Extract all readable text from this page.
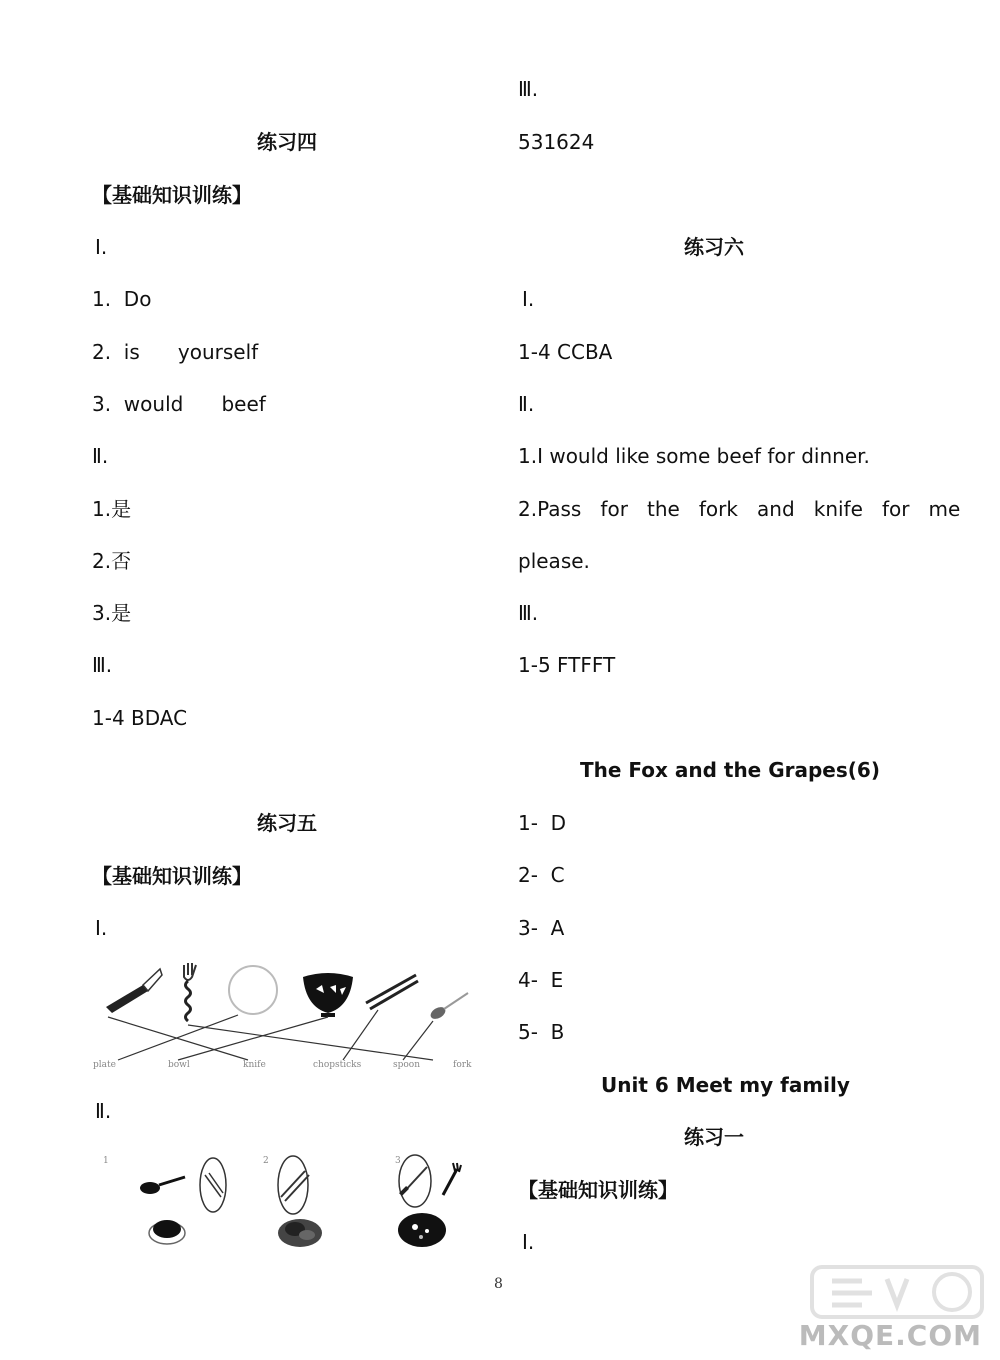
练习四
【基础知识训练】
Ⅰ.
1.  Do
2.  is      yourself
3.  would      beef
Ⅱ.
1.是
2.否
3.是
Ⅲ.
1-4 BDAC
练习五
【基础知识训练】
Ⅰ.
plate	bowl	knife	chopsticks	spoon	fork
Ⅱ.
1	2	3
Ⅲ.
531624
练习六
Ⅰ.
1-4 CCBA
Ⅱ.
1.I would like some beef for dinner.
2.Pass   for   the   fork   and   knife   for   me
please.
Ⅲ.
1-5 FTFFT
The Fox and the Grapes(6)
1-  D
2-  C
3-  A
4-  E
5-  B
Unit 6 Meet my family
练习一
【基础知识训练】
Ⅰ.
8
MXQE.COM
